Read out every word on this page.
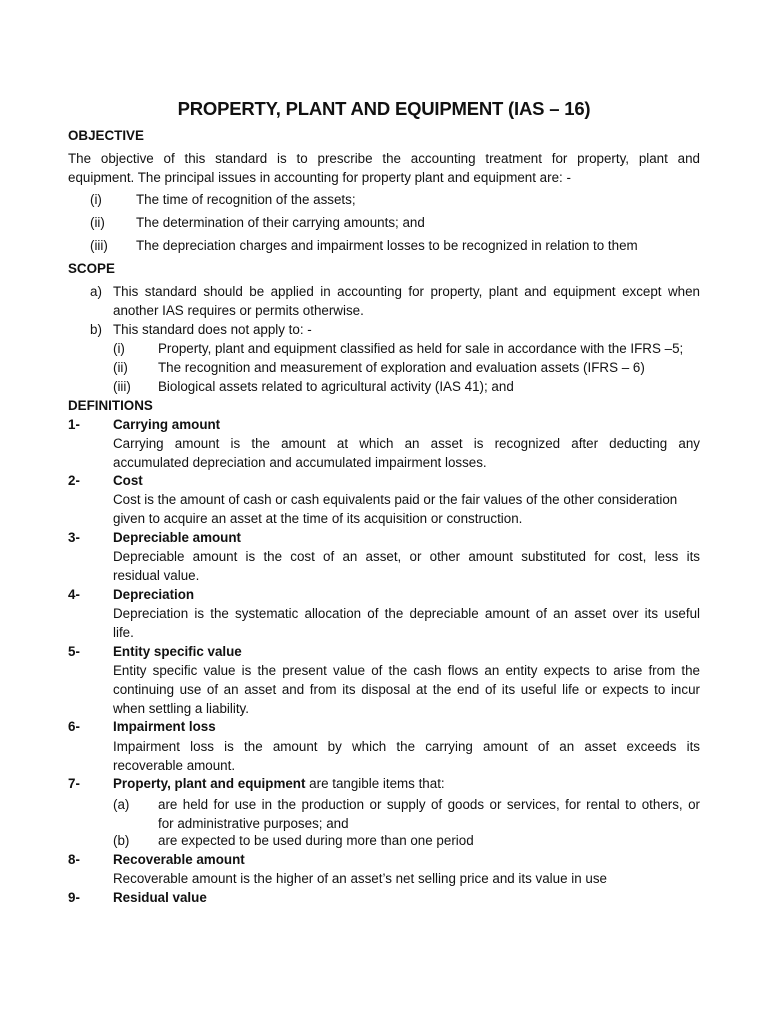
PROPERTY, PLANT AND EQUIPMENT (IAS – 16)
OBJECTIVE
The objective of this standard is to prescribe the accounting treatment for property, plant and
equipment. The principal issues in accounting for property plant and equipment are: -
(i)	The time of recognition of the assets;
(ii) The determination of their carrying amounts; and
(iii) The depreciation charges and impairment losses to be recognized in relation to them
SCOPE
a) This standard should be applied in accounting for property, plant and equipment except when
another IAS requires or permits otherwise.
b) This standard does not apply to: -
(i) Property, plant and equipment classified as held for sale in accordance with the IFRS –5;
(ii) The recognition and measurement of exploration and evaluation assets (IFRS – 6)
(iii) Biological assets related to agricultural activity (IAS 41); and
DEFINITIONS
1- Carrying amount
Carrying amount is the amount at which an asset is recognized after deducting any
accumulated depreciation and accumulated impairment losses.
2- Cost
Cost is the amount of cash or cash equivalents paid or the fair values of the other consideration
given to acquire an asset at the time of its acquisition or construction.
3- Depreciable amount
Depreciable amount is the cost of an asset, or other amount substituted for cost, less its
residual value.
4- Depreciation
Depreciation is the systematic allocation of the depreciable amount of an asset over its useful
life.
5- Entity specific value
Entity specific value is the present value of the cash flows an entity expects to arise from the
continuing use of an asset and from its disposal at the end of its useful life or expects to incur
when settling a liability.
6- Impairment loss
Impairment loss is the amount by which the carrying amount of an asset exceeds its
recoverable amount.
7- Property, plant and equipment are tangible items that:
(a) are held for use in the production or supply of goods or services, for rental to others, or
for administrative purposes; and
(b) are expected to be used during more than one period
8- Recoverable amount
Recoverable amount is the higher of an asset’s net selling price and its value in use
9- Residual value
